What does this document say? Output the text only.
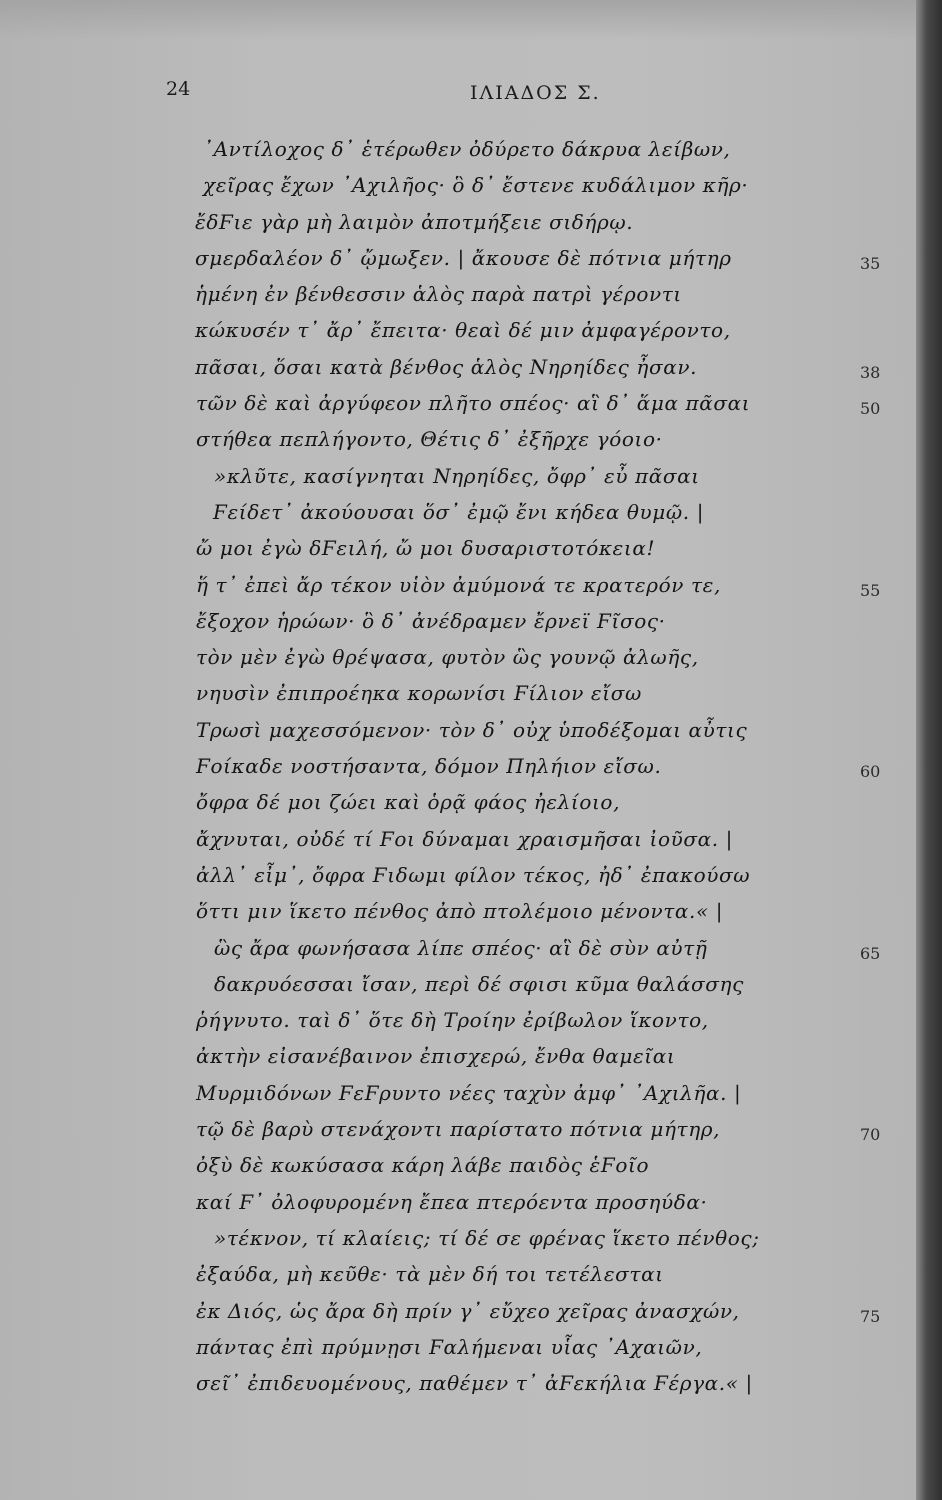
24	ΙΛΙΑΔΟΣ Σ.
᾿Αντίλοχος δ᾿ ἑτέρωθεν ὀδύρετο δάκρυα λείβων,
χεῖρας ἔχων ᾿Αχιλῆος· ὃ δ᾿ ἔστενε κυδάλιμον κῆρ·
ἔδϜιε γὰρ μὴ λαιμὸν ἀποτμήξειε σιδήρῳ.
σμερδαλέον δ᾿ ᾤμωξεν. | ἄκουσε δὲ πότνια μήτηρ	35
ἡμένη ἐν βένθεσσιν ἁλὸς παρὰ πατρὶ γέροντι
κώκυσέν τ᾿ ἄρ᾿ ἔπειτα· θεαὶ δέ μιν ἀμφαγέροντο,
πᾶσαι, ὅσαι κατὰ βένθος ἁλὸς Νηρηίδες ἦσαν.	38
τῶν δὲ καὶ ἀργύφεον πλῆτο σπέος· αἳ δ᾿ ἅμα πᾶσαι	50
στήθεα πεπλήγοντο, Θέτις δ᾿ ἐξῆρχε γόοιο·
»κλῦτε, κασίγνηται Νηρηίδες, ὄφρ᾿ εὖ πᾶσαι
Ϝείδετ᾿ ἀκούουσαι ὅσ᾿ ἐμῷ ἔνι κήδεα θυμῷ. |
ὤ μοι ἐγὼ δϜειλή, ὤ μοι δυσαριστοτόκεια!
ἥ τ᾿ ἐπεὶ ἄρ τέκον υἱὸν ἀμύμονά τε κρατερόν τε,	55
ἔξοχον ἡρώων· ὃ δ᾿ ἀνέδραμεν ἔρνεϊ Ϝῖσος·
τὸν μὲν ἐγὼ θρέψασα, φυτὸν ὣς γουνῷ ἀλωῆς,
νηυσὶν ἐπιπροέηκα κορωνίσι Ϝίλιον εἴσω
Τρωσὶ μαχεσσόμενον· τὸν δ᾿ οὐχ ὑποδέξομαι αὖτις
Ϝοίκαδε νοστήσαντα, δόμον Πηλήιον εἴσω.	60
ὄφρα δέ μοι ζώει καὶ ὁρᾷ φάος ἠελίοιο,
ἄχνυται, οὐδέ τί Ϝοι δύναμαι χραισμῆσαι ἰοῦσα. |
ἀλλ᾿ εἶμ᾿, ὄφρα Ϝιδωμι φίλον τέκος, ἠδ᾿ ἐπακούσω
ὅττι μιν ἵκετο πένθος ἀπὸ πτολέμοιο μένοντα.« |
ὣς ἄρα φωνήσασα λίπε σπέος· αἳ δὲ σὺν αὐτῇ	65
δακρυόεσσαι ἴσαν, περὶ δέ σφισι κῦμα θαλάσσης
ῥήγνυτο. ταὶ δ᾿ ὅτε δὴ Τροίην ἐρίβωλον ἵκοντο,
ἀκτὴν εἰσανέβαινον ἐπισχερώ, ἔνθα θαμεῖαι
Μυρμιδόνων ϜεϜρυντο νέες ταχὺν ἀμφ᾿ ᾿Αχιλῆα. |
τῷ δὲ βαρὺ στενάχοντι παρίστατο πότνια μήτηρ,	70
ὀξὺ δὲ κωκύσασα κάρη λάβε παιδὸς ἑϜοῖο
καί Ϝ᾿ ὀλοφυρομένη ἔπεα πτερόεντα προσηύδα·
»τέκνον, τί κλαίεις; τί δέ σε φρένας ἵκετο πένθος;
ἐξαύδα, μὴ κεῦθε· τὰ μὲν δή τοι τετέλεσται
ἐκ Διός, ὡς ἄρα δὴ πρίν γ᾿ εὔχεο χεῖρας ἀνασχών,	75
πάντας ἐπὶ πρύμνῃσι Ϝαλήμεναι υἷας ᾿Αχαιῶν,
σεῖ᾿ ἐπιδευομένους, παθέμεν τ᾿ ἀϜεκήλια Ϝέργα.« |
